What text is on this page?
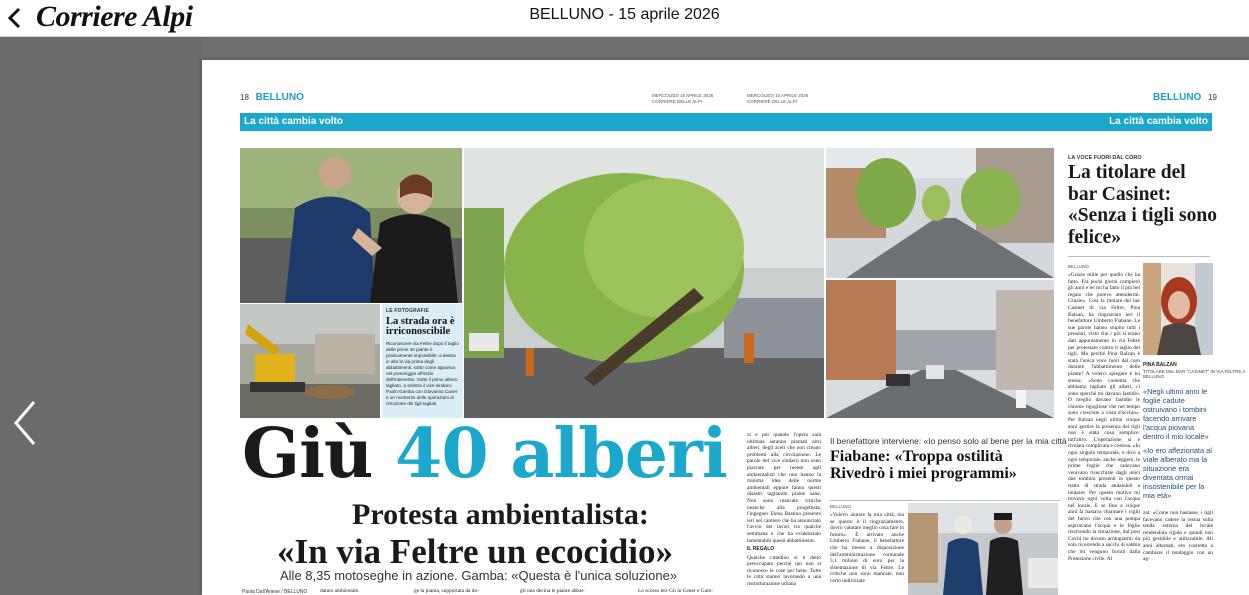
Corriere Alpi	BELLUNO - 15 aprile 2026
18 BELLUNO	MERCOLEDÌ 15 APRILE 2026
CORRIERE DELLE ALPI
MERCOLEDÌ 15 APRILE 2026
CORRIERE DELLE ALPI	BELLUNO 19
La città cambia volto	La città cambia volto
LE FOTOGRAFIE
La strada ora è irriconoscibile
Riconoscere via Feltre dopo il taglio delle prime 40 piante è praticamente impossibile: a destra in alto la via prima degli abbattimenti, sotto come appariva nel pomeriggio all'inizio dell'intervento. Sotto il primo albero tagliato, a sinistra il vice sindaco Paolo Gamba con Giovanna Caner e un momento delle operazioni di rimozione dei tigli tagliati.
Giù 40 alberi
Protesta ambientalista:
«In via Feltre un ecocidio»
Alle 8,35 motoseghe in azione. Gamba: «Questa è l'unica soluzione»
Paola Dall'Anese / BELLUNO
zi e poi quando l'opera sarà ultimata saranno piantati altri alberi, degli aceri che non creano problemi alla circolazione. Le parole del vice sindaco non sono piaciute per niente agli ambientalisti che non hanno la minima idea delle norme ambientali eppure fanno questi disastri tagliando piante sane. Non sono mancate critiche neanche alla progettista, l'ingegner Elena Bastino presente ieri nel cantiere che ha annunciato l'avvio dei lavori tra qualche settimana e che ha evidenziato lamentabili questi abbattimenti.
IL REGALO
Qualche cittadino si è detto preoccupato perché qui non si riconosce le cose per bene. Tutte le città stanno lavorando a una ristrutturazione urbana
danno ambientale.	ge la pianta, supportata da do-	gli una decina le piante abbat-	Lo scorso ieri Gli in Cener e Gam-
Il benefattore interviene: «Io penso solo al bene per la mia città
Fiabane: «Troppa ostilità
Rivedrò i miei programmi»
BELLUNO
«Volevo aiutare la mia città, ma se questo è il ringraziamento, dovrò valutare meglio cosa fare in futuro». È arrivato anche Umberto Fiabane, il benefattore che ha messo a disposizione dell'amministrazione comunale 3,1 milioni di euro per la sistemazione di via Feltre. Le critiche non sono mancate, non certo indirizzate
LA VOCE FUORI DAL CORO
La titolare del bar Casinet: «Senza i tigli sono felice»
BELLUNO
«Grazie mille per quello che ha fatto. Fra pochi giorni compierò gli anni e lei mi ha fatto il più bel regalo che potevo attendermi. Grazie». Così la titolare del bar Casinet di via Feltre, Pina Balzan, ha ringraziato ieri il benefattore Umberto Fiabane. Le sue parole hanno stupito tutti i presenti, visto che i più si erano dati appuntamento in via Feltre per protestare contro il taglio dei tigli. Ma perché Pina Balzan è stata l'unica voce fuori dal coro durante l'abbattimento delle piante? A volerci spiegare è lei stessa: «Sono contenta che abbiamo tagliato gli alberi, ci sono sperché mi davano fastidio. O meglio davano fastidio le chiome rigogliose che nel tempo sono cresciute a vista d'occhio». Per Balzan negli ultimi cinque anni gestire la presenza dei tigli non è stata cosa semplice: tutt'altro. L'operazione si è rivelata complicata e costosa. «In ogni singolo temporale, e dico a ogni temporale, anche leggero, le prime foglie che cadevano venivano risucchiate dagli unici due tombini presenti in questo tratto di strada andandoli a intasare. Per questo motivo mi trovavo ogni volta con l'acqua nel locale. E se fino a cinque anni fa bastava chiamare i vigili del fuoco che con una pompa aspiravano l'acqua e le foglie risolvendo la situazione, dal post Covid ho dovuto arrangiarmi da sola ricorrendo a sacchi di sabbia che mi vengono forniti dalla Protezione civile. Al
PINA BALZAN
TITOLARE DEL BAR "CASINET" IN VIA FELTRE A BELLUNO
«Negli ultimi anni le foglie cadute ostruivano i tombini facendo arrivare l'acqua piovana dentro il mio locale»
«Io ero affezionata al viale alberato ma la situazione era diventata ormai insostenibile per la mia età»
zat: «Come non bastasse, i tigli facevano cadere la resina sulla tenda esterna del locale rendendola rigida e quindi non più gestibile e utilizzabile. Ali anni alternati, ero costretta a cambiare il tendaggio con un ag-
